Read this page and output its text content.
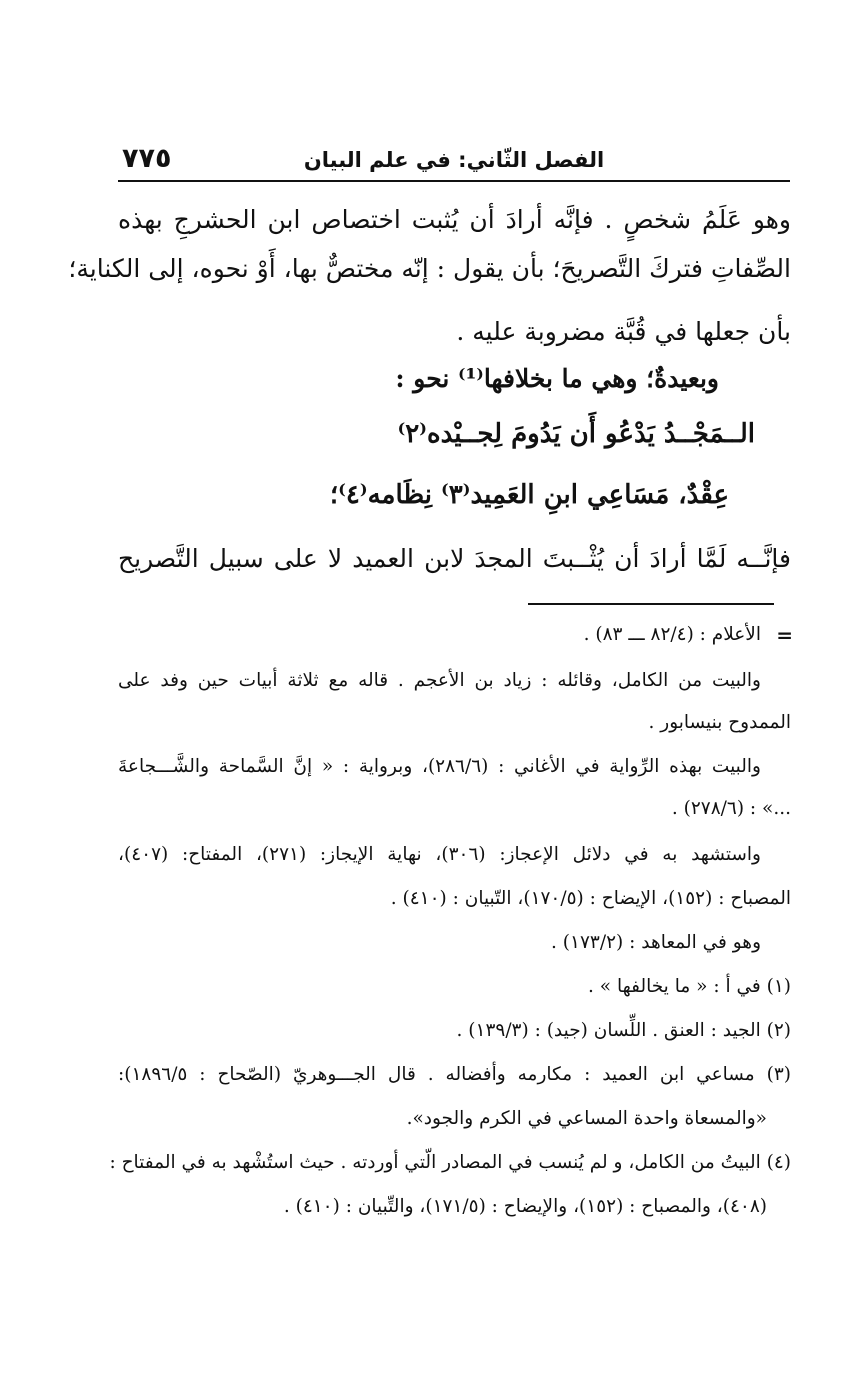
٧٧٥	الفصل الثّاني: في علم البيان
وهو عَلَمُ شخصٍ . فإنَّه أرادَ أن يُثبت اختصاص ابن الحشرجِ بهذه
الصِّفاتِ فتركَ التَّصريحَ؛ بأن يقول : إنّه مختصٌّ بها، أَوْ نحوه، إلى الكناية؛
بأن جعلها في قُبَّة مضروبة عليه .
وبعيدةٌ؛ وهي ما بخلافها⁽¹⁾ نحو :
الــمَجْــدُ يَدْعُو أَن يَدُومَ لِجــيْده⁽٢⁾
عِقْدٌ، مَسَاعِي ابنِ العَمِيد⁽٣⁾ نِظَامه⁽٤⁾؛
فإنَّــه لَمَّا أرادَ أن يُثْــبتَ المجدَ لابن العميد لا على سبيل التَّصريح
=
الأعلام : (٨٢/٤ ـــ ٨٣) .
والبيت من الكامل، وقائله : زياد بن الأعجم . قاله مع ثلاثة أبيات حين وفد على
الممدوح بنيسابور .
والبيت بهذه الرِّواية في الأغاني : (٢٨٦/٦)، وبرواية : « إنَّ السَّماحة والشَّـــجاعةَ
...» : (٢٧٨/٦) .
واستشهد به في دلائل الإعجاز: (٣٠٦)، نهاية الإيجاز: (٢٧١)، المفتاح: (٤٠٧)،
المصباح : (١٥٢)، الإيضاح : (١٧٠/٥)، التّبيان : (٤١٠) .
وهو في المعاهد : (١٧٣/٢) .
(١) في أ : « ما يخالفها » .
(٢) الجيد : العنق . اللِّسان (جيد) : (١٣٩/٣) .
(٣) مساعي ابن العميد : مكارمه وأفضاله . قال الجـــوهريّ (الصّحاح : ١٨٩٦/٥):
«والمسعاة واحدة المساعي في الكرم والجود».
(٤) البيتُ من الكامل، و لم يُنسب في المصادر الّتي أوردته . حيث استُشْهد به في المفتاح :
(٤٠٨)، والمصباح : (١٥٢)، والإيضاح : (١٧١/٥)، والتِّبيان : (٤١٠) .
